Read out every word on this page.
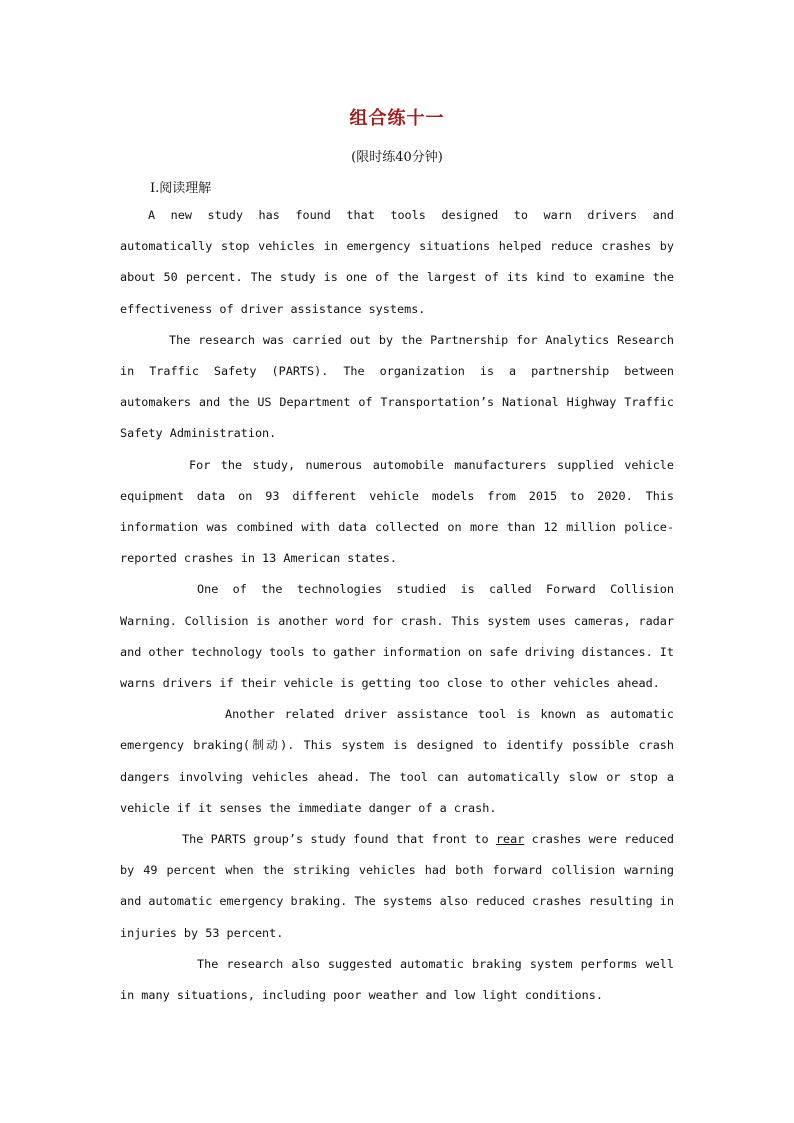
组合练十一
(限时练40分钟)
Ⅰ.阅读理解

A new study has found that tools designed to warn drivers and automatically stop vehicles in emergency situations helped reduce crashes by about 50 percent. The study is one of the largest of its kind to examine the effectiveness of driver assistance systems.

The research was carried out by the Partnership for Analytics Research in Traffic Safety (PARTS). The organization is a partnership between automakers and the US Department of Transportation’s National Highway Traffic Safety Administration.

For the study, numerous automobile manufacturers supplied vehicle equipment data on 93 different vehicle models from 2015 to 2020. This information was combined with data collected on more than 12 million police-reported crashes in 13 American states.

One of the technologies studied is called Forward Collision Warning. Collision is another word for crash. This system uses cameras, radar and other technology tools to gather information on safe driving distances. It warns drivers if their vehicle is getting too close to other vehicles ahead.

Another related driver assistance tool is known as automatic emergency braking(制动). This system is designed to identify possible crash dangers involving vehicles ahead. The tool can automatically slow or stop a vehicle if it senses the immediate danger of a crash.

The PARTS group’s study found that front to rear crashes were reduced by 49 percent when the striking vehicles had both forward collision warning and automatic emergency braking. The systems also reduced crashes resulting in injuries by 53 percent.

The research also suggested automatic braking system performs well in many situations, including poor weather and low light conditions.
